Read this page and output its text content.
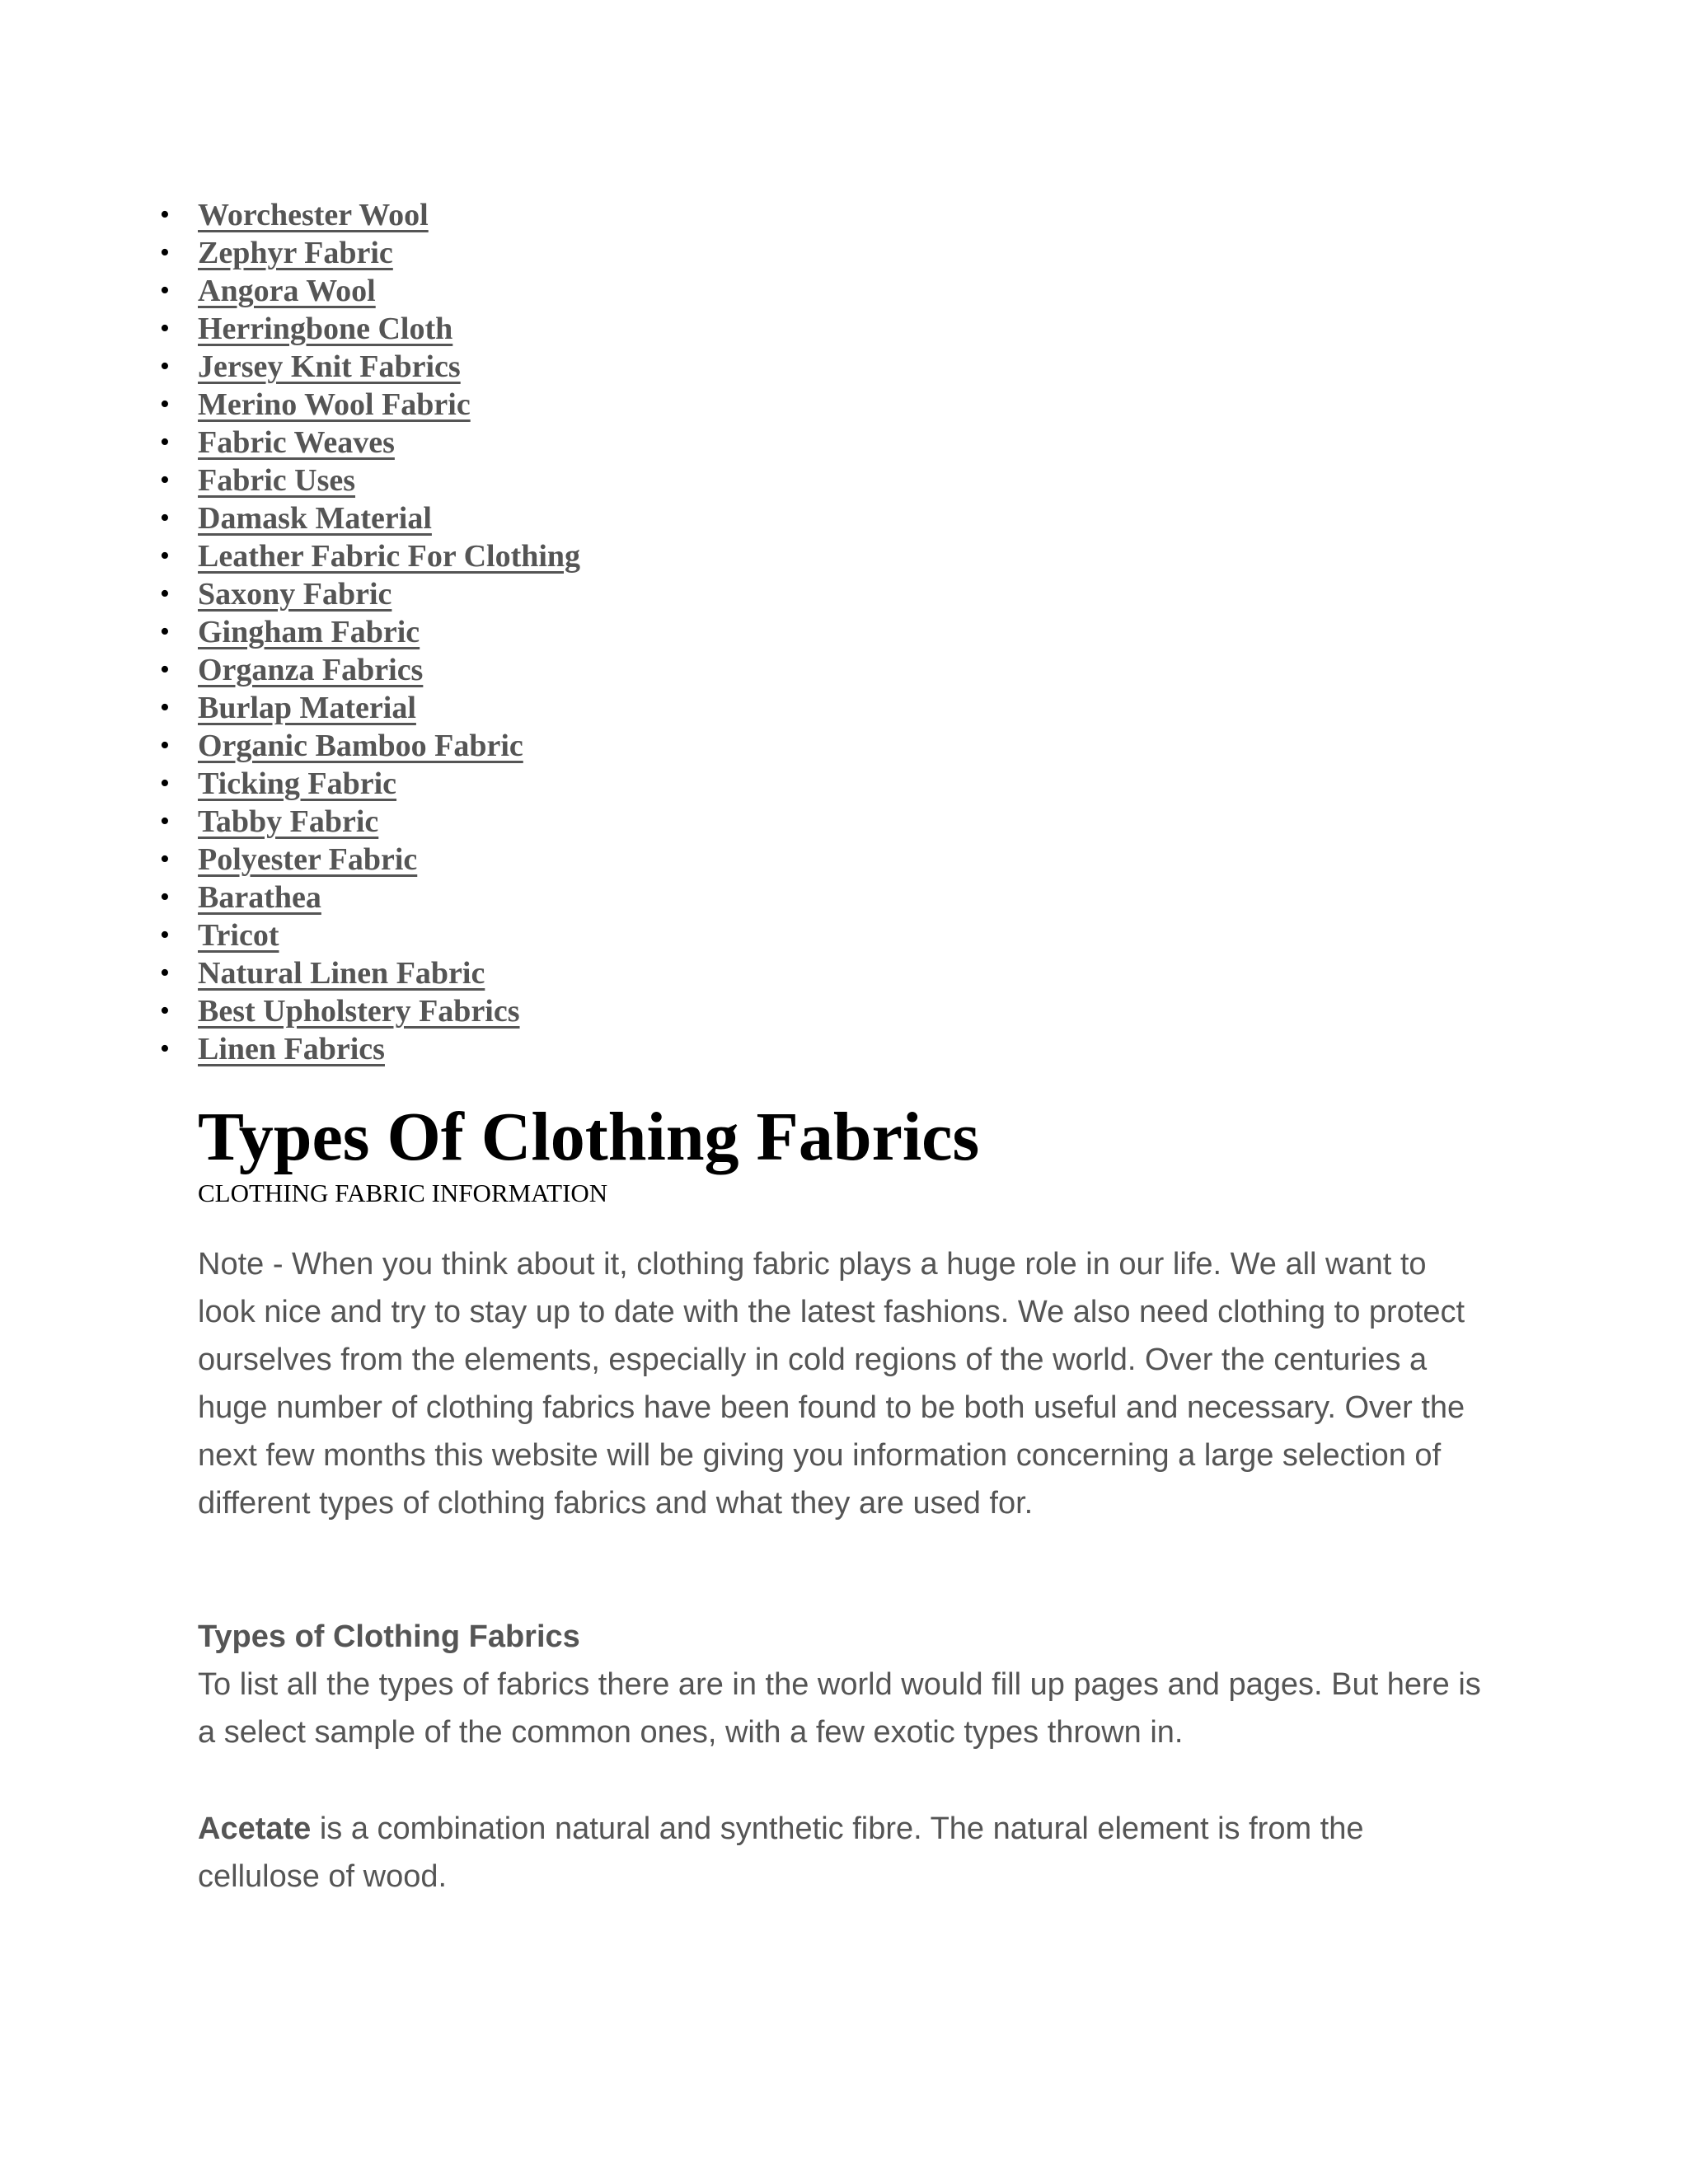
• Worchester Wool
• Zephyr Fabric
• Angora Wool
• Herringbone Cloth
• Jersey Knit Fabrics
• Merino Wool Fabric
• Fabric Weaves
• Fabric Uses
• Damask Material
• Leather Fabric For Clothing
• Saxony Fabric
• Gingham Fabric
• Organza Fabrics
• Burlap Material
• Organic Bamboo Fabric
• Ticking Fabric
• Tabby Fabric
• Polyester Fabric
• Barathea
• Tricot
• Natural Linen Fabric
• Best Upholstery Fabrics
• Linen Fabrics
Types Of Clothing Fabrics
CLOTHING FABRIC INFORMATION

Note - When you think about it, clothing fabric plays a huge role in our life. We all want to look nice and try to stay up to date with the latest fashions. We also need clothing to protect ourselves from the elements, especially in cold regions of the world. Over the centuries a huge number of clothing fabrics have been found to be both useful and necessary. Over the next few months this website will be giving you information concerning a large selection of different types of clothing fabrics and what they are used for.

Types of Clothing Fabrics

To list all the types of fabrics there are in the world would fill up pages and pages. But here is a select sample of the common ones, with a few exotic types thrown in.

Acetate is a combination natural and synthetic fibre. The natural element is from the cellulose of wood.
